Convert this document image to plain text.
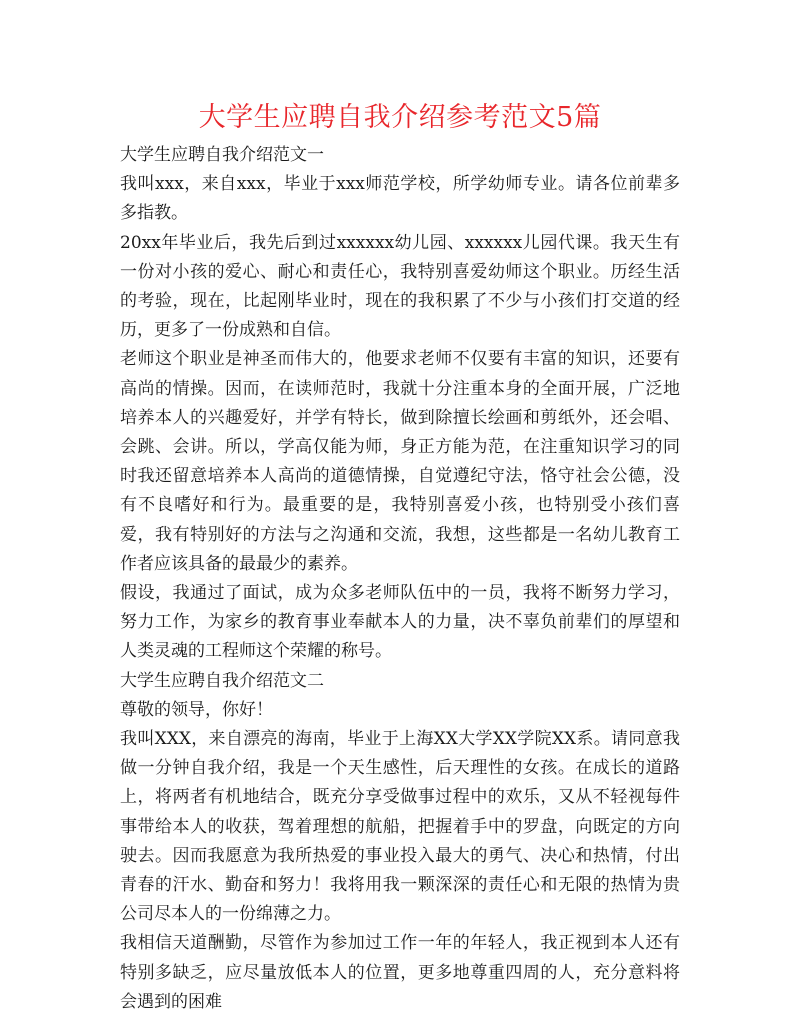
大学生应聘自我介绍参考范文5篇

大学生应聘自我介绍范文一

我叫xxx，来自xxx，毕业于xxx师范学校，所学幼师专业。请各位前辈多多指教。

20xx年毕业后，我先后到过xxxxxx幼儿园、xxxxxx儿园代课。我天生有一份对小孩的爱心、耐心和责任心，我特别喜爱幼师这个职业。历经生活的考验，现在，比起刚毕业时，现在的我积累了不少与小孩们打交道的经历，更多了一份成熟和自信。

老师这个职业是神圣而伟大的，他要求老师不仅要有丰富的知识，还要有高尚的情操。因而，在读师范时，我就十分注重本身的全面开展，广泛地培养本人的兴趣爱好，并学有特长，做到除擅长绘画和剪纸外，还会唱、会跳、会讲。所以，学高仅能为师，身正方能为范，在注重知识学习的同时我还留意培养本人高尚的道德情操，自觉遵纪守法，恪守社会公德，没有不良嗜好和行为。最重要的是，我特别喜爱小孩，也特别受小孩们喜爱，我有特别好的方法与之沟通和交流，我想，这些都是一名幼儿教育工作者应该具备的最最少的素养。

假设，我通过了面试，成为众多老师队伍中的一员，我将不断努力学习，努力工作，为家乡的教育事业奉献本人的力量，决不辜负前辈们的厚望和人类灵魂的工程师这个荣耀的称号。

大学生应聘自我介绍范文二

尊敬的领导，你好！

我叫XXX，来自漂亮的海南，毕业于上海XX大学XX学院XX系。请同意我做一分钟自我介绍，我是一个天生感性，后天理性的女孩。在成长的道路上，将两者有机地结合，既充分享受做事过程中的欢乐，又从不轻视每件事带给本人的收获，驾着理想的航船，把握着手中的罗盘，向既定的方向驶去。因而我愿意为我所热爱的事业投入最大的勇气、决心和热情，付出青春的汗水、勤奋和努力！我将用我一颗深深的责任心和无限的热情为贵公司尽本人的一份绵薄之力。

我相信天道酬勤，尽管作为参加过工作一年的年轻人，我正视到本人还有特别多缺乏，应尽量放低本人的位置，更多地尊重四周的人，充分意料将会遇到的困难
